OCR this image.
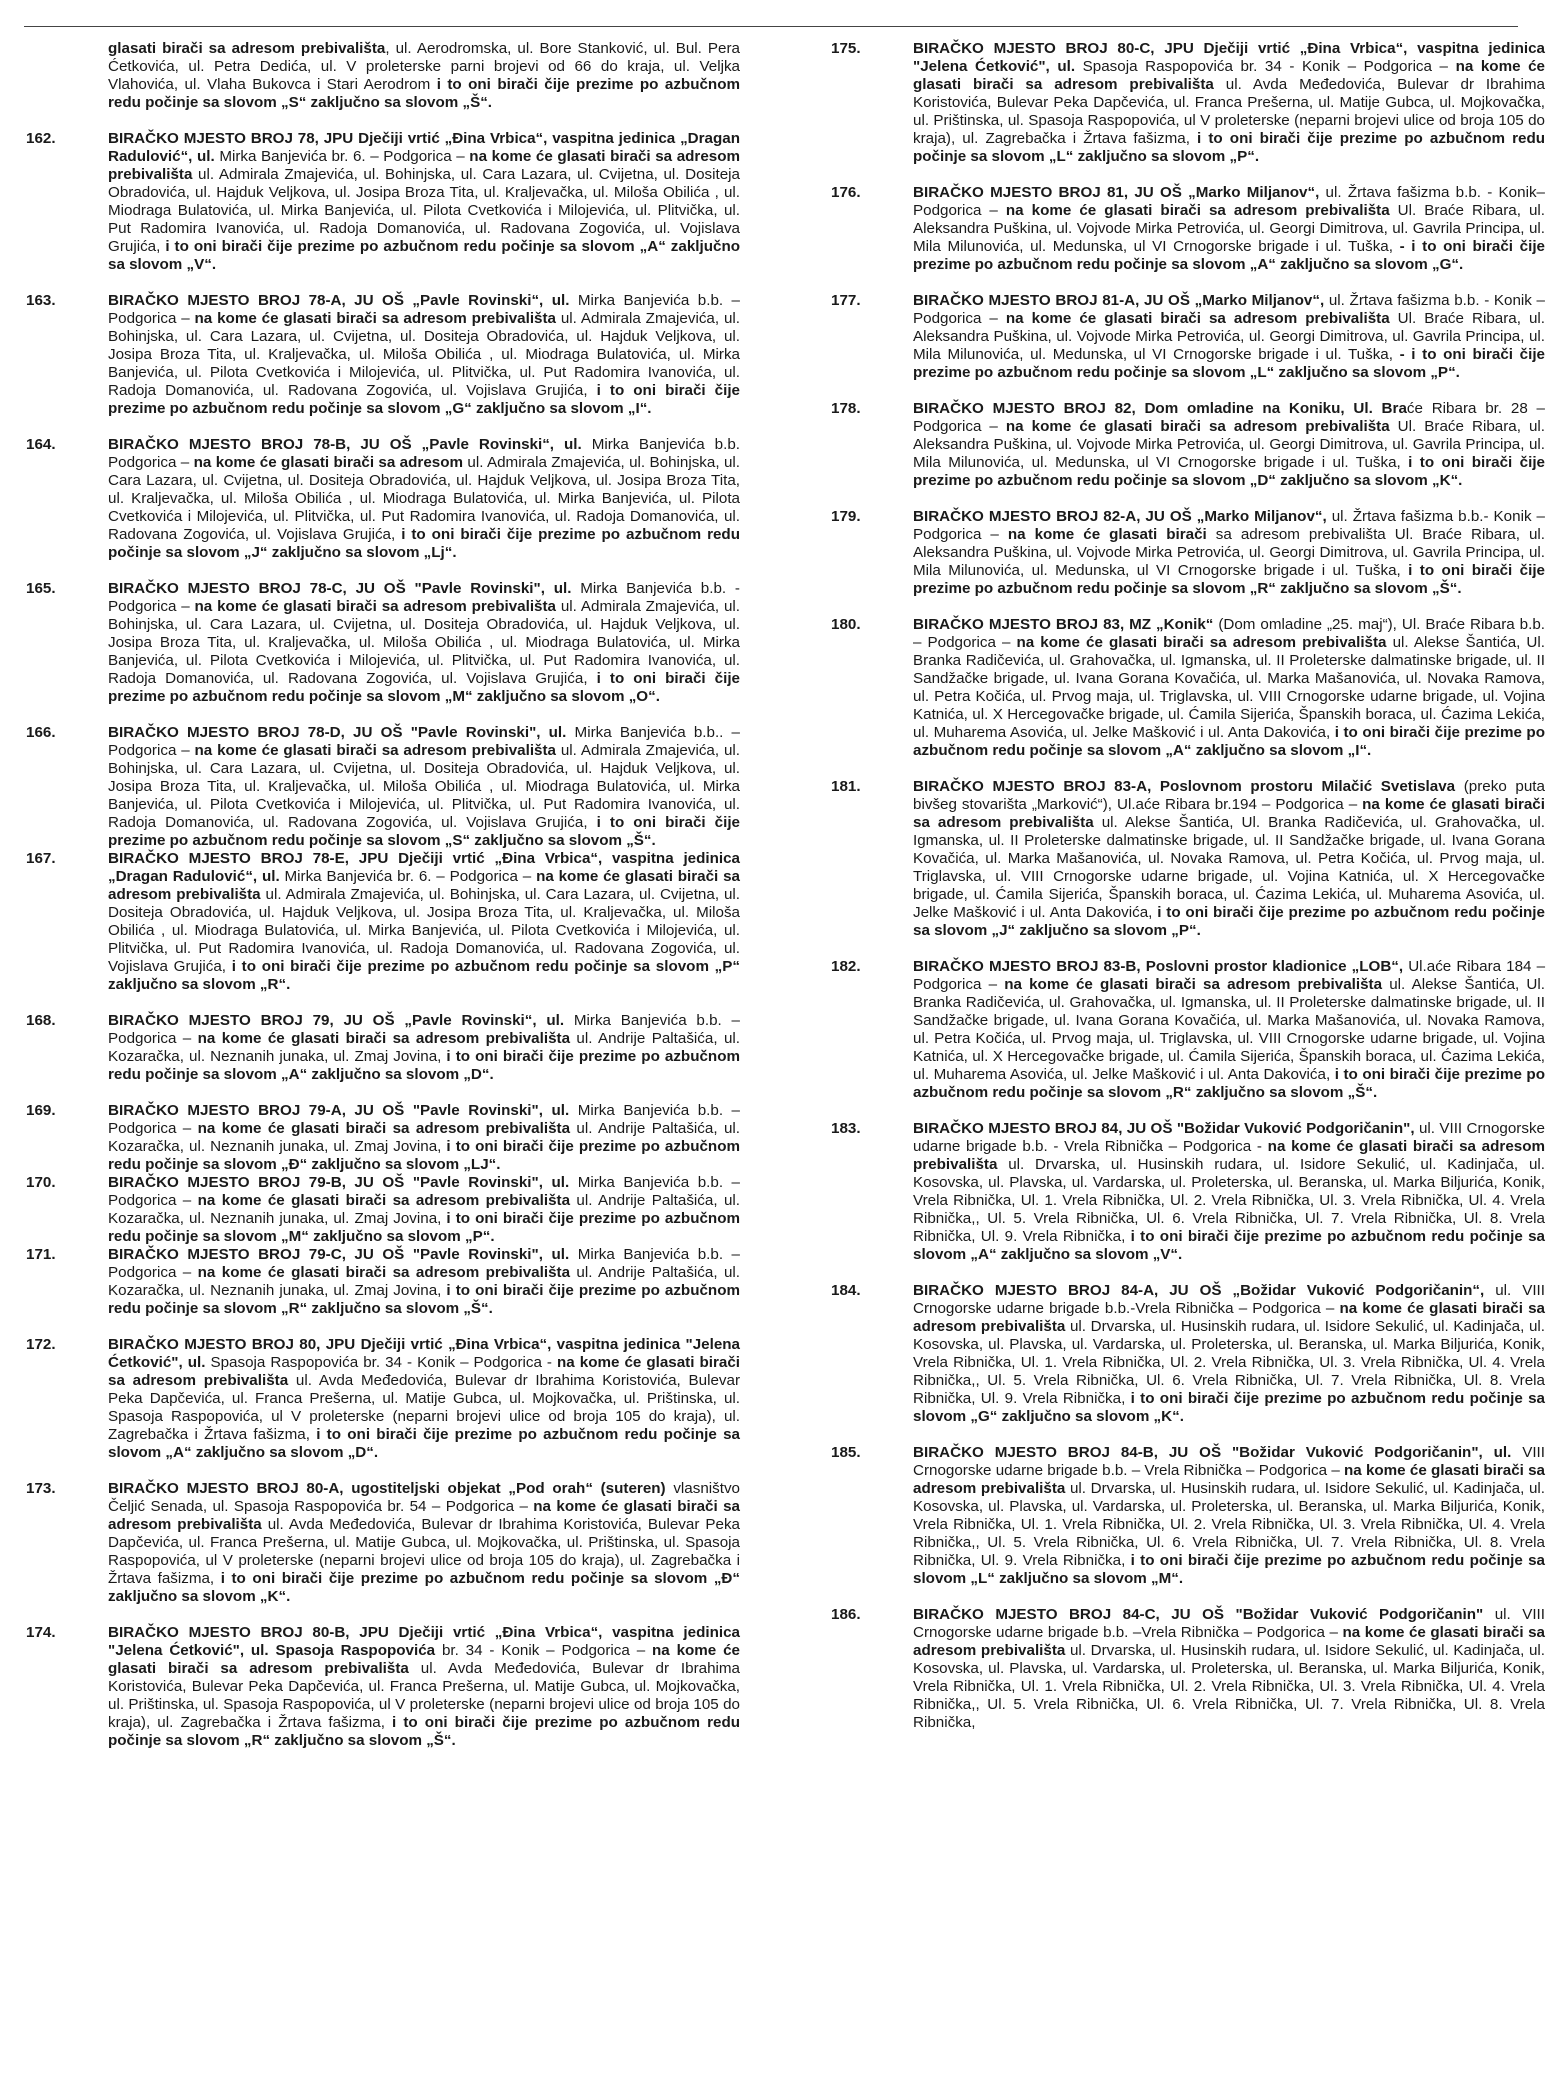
glasati birači sa adresom prebivališta, ul. Aerodromska, ul. Bore Stanković, ul. Bul. Pera Ćetkovića, ul. Petra Dedića, ul. V proleterske parni brojevi od 66 do kraja, ul. Veljka Vlahovića, ul. Vlaha Bukovca i Stari Aerodrom i to oni birači čije prezime po azbučnom redu počinje sa slovom „S“ zaključno sa slovom „Š“.
162.	BIRAČKO MJESTO BROJ 78, JPU Dječiji vrtić „Đina Vrbica“, vaspitna jedinica „Dragan Radulović“, ul. Mirka Banjevića br. 6. – Podgorica – na kome će glasati birači sa adresom prebivališta ul. Admirala Zmajevića, ul. Bohinjska, ul. Cara Lazara, ul. Cvijetna, ul. Dositeja Obradovića, ul. Hajduk Veljkova, ul. Josipa Broza Tita, ul. Kraljevačka, ul. Miloša Obilića , ul. Miodraga Bulatovića, ul. Mirka Banjevića, ul. Pilota Cvetkovića i Milojevića, ul. Plitvička, ul. Put Radomira Ivanovića, ul. Radoja Domanovića, ul. Radovana Zogovića, ul. Vojislava Grujića, i to oni birači čije prezime po azbučnom redu počinje sa slovom „A“ zaključno sa slovom „V“.
163.	BIRAČKO MJESTO BROJ 78-A, JU OŠ „Pavle Rovinski“, ul. Mirka Banjevića b.b. – Podgorica – na kome će glasati birači sa adresom prebivališta ul. Admirala Zmajevića, ul. Bohinjska, ul. Cara Lazara, ul. Cvijetna, ul. Dositeja Obradovića, ul. Hajduk Veljkova, ul. Josipa Broza Tita, ul. Kraljevačka, ul. Miloša Obilića , ul. Miodraga Bulatovića, ul. Mirka Banjevića, ul. Pilota Cvetkovića i Milojevića, ul. Plitvička, ul. Put Radomira Ivanovića, ul. Radoja Domanovića, ul. Radovana Zogovića, ul. Vojislava Grujića, i to oni birači čije prezime po azbučnom redu počinje sa slovom „G“ zaključno sa slovom „I“.
164.	BIRAČKO MJESTO BROJ 78-B, JU OŠ „Pavle Rovinski“, ul. Mirka Banjevića b.b. Podgorica – na kome će glasati birači sa adresom ul. Admirala Zmajevića, ul. Bohinjska, ul. Cara Lazara, ul. Cvijetna, ul. Dositeja Obradovića, ul. Hajduk Veljkova, ul. Josipa Broza Tita, ul. Kraljevačka, ul. Miloša Obilića , ul. Miodraga Bulatovića, ul. Mirka Banjevića, ul. Pilota Cvetkovića i Milojevića, ul. Plitvička, ul. Put Radomira Ivanovića, ul. Radoja Domanovića, ul. Radovana Zogovića, ul. Vojislava Grujića, i to oni birači čije prezime po azbučnom redu počinje sa slovom „J“ zaključno sa slovom „Lj“.
165.	BIRAČKO MJESTO BROJ 78-C, JU OŠ "Pavle Rovinski", ul. Mirka Banjevića b.b. - Podgorica – na kome će glasati birači sa adresom prebivališta ul. Admirala Zmajevića, ul. Bohinjska, ul. Cara Lazara, ul. Cvijetna, ul. Dositeja Obradovića, ul. Hajduk Veljkova, ul. Josipa Broza Tita, ul. Kraljevačka, ul. Miloša Obilića , ul. Miodraga Bulatovića, ul. Mirka Banjevića, ul. Pilota Cvetkovića i Milojevića, ul. Plitvička, ul. Put Radomira Ivanovića, ul. Radoja Domanovića, ul. Radovana Zogovića, ul. Vojislava Grujića, i to oni birači čije prezime po azbučnom redu počinje sa slovom „M“ zaključno sa slovom „O“.
166.	BIRAČKO MJESTO BROJ 78-D, JU OŠ "Pavle Rovinski", ul. Mirka Banjevića b.b.. – Podgorica – na kome će glasati birači sa adresom prebivališta ul. Admirala Zmajevića, ul. Bohinjska, ul. Cara Lazara, ul. Cvijetna, ul. Dositeja Obradovića, ul. Hajduk Veljkova, ul. Josipa Broza Tita, ul. Kraljevačka, ul. Miloša Obilića , ul. Miodraga Bulatovića, ul. Mirka Banjevića, ul. Pilota Cvetkovića i Milojevića, ul. Plitvička, ul. Put Radomira Ivanovića, ul. Radoja Domanovića, ul. Radovana Zogovića, ul. Vojislava Grujića, i to oni birači čije prezime po azbučnom redu počinje sa slovom „S“ zaključno sa slovom „Š“.
167.	BIRAČKO MJESTO BROJ 78-E, JPU Dječiji vrtić „Đina Vrbica“, vaspitna jedinica „Dragan Radulović“, ul. Mirka Banjevića br. 6. – Podgorica – na kome će glasati birači sa adresom prebivališta ul. Admirala Zmajevića, ul. Bohinjska, ul. Cara Lazara, ul. Cvijetna, ul. Dositeja Obradovića, ul. Hajduk Veljkova, ul. Josipa Broza Tita, ul. Kraljevačka, ul. Miloša Obilića , ul. Miodraga Bulatovića, ul. Mirka Banjevića, ul. Pilota Cvetkovića i Milojevića, ul. Plitvička, ul. Put Radomira Ivanovića, ul. Radoja Domanovića, ul. Radovana Zogovića, ul. Vojislava Grujića, i to oni birači čije prezime po azbučnom redu počinje sa slovom „P“ zaključno sa slovom „R“.
168.	BIRAČKO MJESTO BROJ 79, JU OŠ „Pavle Rovinski“, ul. Mirka Banjevića b.b. – Podgorica – na kome će glasati birači sa adresom prebivališta ul. Andrije Paltašića, ul. Kozaračka, ul. Neznanih junaka, ul. Zmaj Jovina, i to oni birači čije prezime po azbučnom redu počinje sa slovom „A“ zaključno sa slovom „D“.
169.	BIRAČKO MJESTO BROJ 79-A, JU OŠ "Pavle Rovinski", ul. Mirka Banjevića b.b. – Podgorica – na kome će glasati birači sa adresom prebivališta ul. Andrije Paltašića, ul. Kozaračka, ul. Neznanih junaka, ul. Zmaj Jovina, i to oni birači čije prezime po azbučnom redu počinje sa slovom „Đ“ zaključno sa slovom „LJ“.
170.	BIRAČKO MJESTO BROJ 79-B, JU OŠ "Pavle Rovinski", ul. Mirka Banjevića b.b. – Podgorica – na kome će glasati birači sa adresom prebivališta ul. Andrije Paltašića, ul. Kozaračka, ul. Neznanih junaka, ul. Zmaj Jovina, i to oni birači čije prezime po azbučnom redu počinje sa slovom „M“ zaključno sa slovom „P“.
171.	BIRAČKO MJESTO BROJ 79-C, JU OŠ "Pavle Rovinski", ul. Mirka Banjevića b.b. – Podgorica – na kome će glasati birači sa adresom prebivališta ul. Andrije Paltašića, ul. Kozaračka, ul. Neznanih junaka, ul. Zmaj Jovina, i to oni birači čije prezime po azbučnom redu počinje sa slovom „R“ zaključno sa slovom „Š“.
172.	BIRAČKO MJESTO BROJ 80, JPU Dječiji vrtić „Đina Vrbica“, vaspitna jedinica "Jelena Ćetković", ul. Spasoja Raspopovića br. 34 - Konik – Podgorica - na kome će glasati birači sa adresom prebivališta ul. Avda Međedovića, Bulevar dr Ibrahima Koristovića, Bulevar Peka Dapčevića, ul. Franca Prešerna, ul. Matije Gubca, ul. Mojkovačka, ul. Prištinska, ul. Spasoja Raspopovića, ul V proleterske (neparni brojevi ulice od broja 105 do kraja), ul. Zagrebačka i Žrtava fašizma, i to oni birači čije prezime po azbučnom redu počinje sa slovom „A“ zaključno sa slovom „D“.
173.	BIRAČKO MJESTO BROJ 80-A, ugostiteljski objekat „Pod orah“ (suteren) vlasništvo Čeljić Senada, ul. Spasoja Raspopovića br. 54 – Podgorica – na kome će glasati birači sa adresom prebivališta ul. Avda Međedovića, Bulevar dr Ibrahima Koristovića, Bulevar Peka Dapčevića, ul. Franca Prešerna, ul. Matije Gubca, ul. Mojkovačka, ul. Prištinska, ul. Spasoja Raspopovića, ul V proleterske (neparni brojevi ulice od broja 105 do kraja), ul. Zagrebačka i Žrtava fašizma, i to oni birači čije prezime po azbučnom redu počinje sa slovom „Đ“ zaključno sa slovom „K“.
174.	BIRAČKO MJESTO BROJ 80-B, JPU Dječiji vrtić „Đina Vrbica“, vaspitna jedinica "Jelena Ćetković", ul. Spasoja Raspopovića br. 34 - Konik – Podgorica – na kome će glasati birači sa adresom prebivališta ul. Avda Međedovića, Bulevar dr Ibrahima Koristovića, Bulevar Peka Dapčevića, ul. Franca Prešerna, ul. Matije Gubca, ul. Mojkovačka, ul. Prištinska, ul. Spasoja Raspopovića, ul V proleterske (neparni brojevi ulice od broja 105 do kraja), ul. Zagrebačka i Žrtava fašizma, i to oni birači čije prezime po azbučnom redu počinje sa slovom „R“ zaključno sa slovom „Š“.
175.	BIRAČKO MJESTO BROJ 80-C, JPU Dječiji vrtić „Đina Vrbica“, vaspitna jedinica "Jelena Ćetković", ul. Spasoja Raspopovića br. 34 - Konik – Podgorica – na kome će glasati birači sa adresom prebivališta ul. Avda Međedovića, Bulevar dr Ibrahima Koristovića, Bulevar Peka Dapčevića, ul. Franca Prešerna, ul. Matije Gubca, ul. Mojkovačka, ul. Prištinska, ul. Spasoja Raspopovića, ul V proleterske (neparni brojevi ulice od broja 105 do kraja), ul. Zagrebačka i Žrtava fašizma, i to oni birači čije prezime po azbučnom redu počinje sa slovom „L“ zaključno sa slovom „P“.
176.	BIRAČKO MJESTO BROJ 81, JU OŠ „Marko Miljanov“, ul. Žrtava fašizma b.b. - Konik– Podgorica – na kome će glasati birači sa adresom prebivališta Ul. Braće Ribara, ul. Aleksandra Puškina, ul. Vojvode Mirka Petrovića, ul. Georgi Dimitrova, ul. Gavrila Principa, ul. Mila Milunovića, ul. Medunska, ul VI Crnogorske brigade i ul. Tuška, - i to oni birači čije prezime po azbučnom redu počinje sa slovom „A“ zaključno sa slovom „G“.
177.	BIRAČKO MJESTO BROJ 81-A, JU OŠ „Marko Miljanov“, ul. Žrtava fašizma b.b. - Konik – Podgorica – na kome će glasati birači sa adresom prebivališta Ul. Braće Ribara, ul. Aleksandra Puškina, ul. Vojvode Mirka Petrovića, ul. Georgi Dimitrova, ul. Gavrila Principa, ul. Mila Milunovića, ul. Medunska, ul VI Crnogorske brigade i ul. Tuška, - i to oni birači čije prezime po azbučnom redu počinje sa slovom „L“ zaključno sa slovom „P“.
178.	BIRAČKO MJESTO BROJ 82, Dom omladine na Koniku, Ul. Braće Ribara br. 28 – Podgorica – na kome će glasati birači sa adresom prebivališta Ul. Braće Ribara, ul. Aleksandra Puškina, ul. Vojvode Mirka Petrovića, ul. Georgi Dimitrova, ul. Gavrila Principa, ul. Mila Milunovića, ul. Medunska, ul VI Crnogorske brigade i ul. Tuška, i to oni birači čije prezime po azbučnom redu počinje sa slovom „D“ zaključno sa slovom „K“.
179.	BIRAČKO MJESTO BROJ 82-A, JU OŠ „Marko Miljanov“, ul. Žrtava fašizma b.b.- Konik – Podgorica – na kome će glasati birači sa adresom prebivališta Ul. Braće Ribara, ul. Aleksandra Puškina, ul. Vojvode Mirka Petrovića, ul. Georgi Dimitrova, ul. Gavrila Principa, ul. Mila Milunovića, ul. Medunska, ul VI Crnogorske brigade i ul. Tuška, i to oni birači čije prezime po azbučnom redu počinje sa slovom „R“ zaključno sa slovom „Š“.
180.	BIRAČKO MJESTO BROJ 83, MZ „Konik“ (Dom omladine „25. maj“), Ul. Braće Ribara b.b. – Podgorica – na kome će glasati birači sa adresom prebivališta ul. Alekse Šantića, Ul. Branka Radičevića, ul. Grahovačka, ul. Igmanska, ul. II Proleterske dalmatinske brigade, ul. II Sandžačke brigade, ul. Ivana Gorana Kovačića, ul. Marka Mašanovića, ul. Novaka Ramova, ul. Petra Kočića, ul. Prvog maja, ul. Triglavska, ul. VIII Crnogorske udarne brigade, ul. Vojina Katnića, ul. X Hercegovačke brigade, ul. Ćamila Sijerića, Španskih boraca, ul. Ćazima Lekića, ul. Muharema Asovića, ul. Jelke Mašković i ul. Anta Dakovića, i to oni birači čije prezime po azbučnom redu počinje sa slovom „A“ zaključno sa slovom „I“.
181.	BIRAČKO MJESTO BROJ 83-A, Poslovnom prostoru Milačić Svetislava (preko puta bivšeg stovarišta „Marković“), Ul.aće Ribara br.194 – Podgorica – na kome će glasati birači sa adresom prebivališta ul. Alekse Šantića, Ul. Branka Radičevića, ul. Grahovačka, ul. Igmanska, ul. II Proleterske dalmatinske brigade, ul. II Sandžačke brigade, ul. Ivana Gorana Kovačića, ul. Marka Mašanovića, ul. Novaka Ramova, ul. Petra Kočića, ul. Prvog maja, ul. Triglavska, ul. VIII Crnogorske udarne brigade, ul. Vojina Katnića, ul. X Hercegovačke brigade, ul. Ćamila Sijerića, Španskih boraca, ul. Ćazima Lekića, ul. Muharema Asovića, ul. Jelke Mašković i ul. Anta Dakovića, i to oni birači čije prezime po azbučnom redu počinje sa slovom „J“ zaključno sa slovom „P“.
182.	BIRAČKO MJESTO BROJ 83-B, Poslovni prostor kladionice „LOB“, Ul.aće Ribara 184 – Podgorica – na kome će glasati birači sa adresom prebivališta ul. Alekse Šantića, Ul. Branka Radičevića, ul. Grahovačka, ul. Igmanska, ul. II Proleterske dalmatinske brigade, ul. II Sandžačke brigade, ul. Ivana Gorana Kovačića, ul. Marka Mašanovića, ul. Novaka Ramova, ul. Petra Kočića, ul. Prvog maja, ul. Triglavska, ul. VIII Crnogorske udarne brigade, ul. Vojina Katnića, ul. X Hercegovačke brigade, ul. Ćamila Sijerića, Španskih boraca, ul. Ćazima Lekića, ul. Muharema Asovića, ul. Jelke Mašković i ul. Anta Dakovića, i to oni birači čije prezime po azbučnom redu počinje sa slovom „R“ zaključno sa slovom „Š“.
183.	BIRAČKO MJESTO BROJ 84, JU OŠ "Božidar Vuković Podgoričanin", ul. VIII Crnogorske udarne brigade b.b. - Vrela Ribnička – Podgorica - na kome će glasati birači sa adresom prebivališta ul. Drvarska, ul. Husinskih rudara, ul. Isidore Sekulić, ul. Kadinjača, ul. Kosovska, ul. Plavska, ul. Vardarska, ul. Proleterska, ul. Beranska, ul. Marka Biljurića, Konik, Vrela Ribnička, Ul. 1. Vrela Ribnička, Ul. 2. Vrela Ribnička, Ul. 3. Vrela Ribnička, Ul. 4. Vrela Ribnička,, Ul. 5. Vrela Ribnička, Ul. 6. Vrela Ribnička, Ul. 7. Vrela Ribnička, Ul. 8. Vrela Ribnička, Ul. 9. Vrela Ribnička, i to oni birači čije prezime po azbučnom redu počinje sa slovom „A“ zaključno sa slovom „V“.
184.	BIRAČKO MJESTO BROJ 84-A, JU OŠ „Božidar Vuković Podgoričanin“, ul. VIII Crnogorske udarne brigade b.b.-Vrela Ribnička – Podgorica – na kome će glasati birači sa adresom prebivališta ul. Drvarska, ul. Husinskih rudara, ul. Isidore Sekulić, ul. Kadinjača, ul. Kosovska, ul. Plavska, ul. Vardarska, ul. Proleterska, ul. Beranska, ul. Marka Biljurića, Konik, Vrela Ribnička, Ul. 1. Vrela Ribnička, Ul. 2. Vrela Ribnička, Ul. 3. Vrela Ribnička, Ul. 4. Vrela Ribnička,, Ul. 5. Vrela Ribnička, Ul. 6. Vrela Ribnička, Ul. 7. Vrela Ribnička, Ul. 8. Vrela Ribnička, Ul. 9. Vrela Ribnička, i to oni birači čije prezime po azbučnom redu počinje sa slovom „G“ zaključno sa slovom „K“.
185.	BIRAČKO MJESTO BROJ 84-B, JU OŠ "Božidar Vuković Podgoričanin", ul. VIII Crnogorske udarne brigade b.b. – Vrela Ribnička – Podgorica – na kome će glasati birači sa adresom prebivališta ul. Drvarska, ul. Husinskih rudara, ul. Isidore Sekulić, ul. Kadinjača, ul. Kosovska, ul. Plavska, ul. Vardarska, ul. Proleterska, ul. Beranska, ul. Marka Biljurića, Konik, Vrela Ribnička, Ul. 1. Vrela Ribnička, Ul. 2. Vrela Ribnička, Ul. 3. Vrela Ribnička, Ul. 4. Vrela Ribnička,, Ul. 5. Vrela Ribnička, Ul. 6. Vrela Ribnička, Ul. 7. Vrela Ribnička, Ul. 8. Vrela Ribnička, Ul. 9. Vrela Ribnička, i to oni birači čije prezime po azbučnom redu počinje sa slovom „L“ zaključno sa slovom „M“.
186.	BIRAČKO MJESTO BROJ 84-C, JU OŠ "Božidar Vuković Podgoričanin" ul. VIII Crnogorske udarne brigade b.b. –Vrela Ribnička – Podgorica – na kome će glasati birači sa adresom prebivališta ul. Drvarska, ul. Husinskih rudara, ul. Isidore Sekulić, ul. Kadinjača, ul. Kosovska, ul. Plavska, ul. Vardarska, ul. Proleterska, ul. Beranska, ul. Marka Biljurića, Konik, Vrela Ribnička, Ul. 1. Vrela Ribnička, Ul. 2. Vrela Ribnička, Ul. 3. Vrela Ribnička, Ul. 4. Vrela Ribnička,, Ul. 5. Vrela Ribnička, Ul. 6. Vrela Ribnička, Ul. 7. Vrela Ribnička, Ul. 8. Vrela Ribnička,
